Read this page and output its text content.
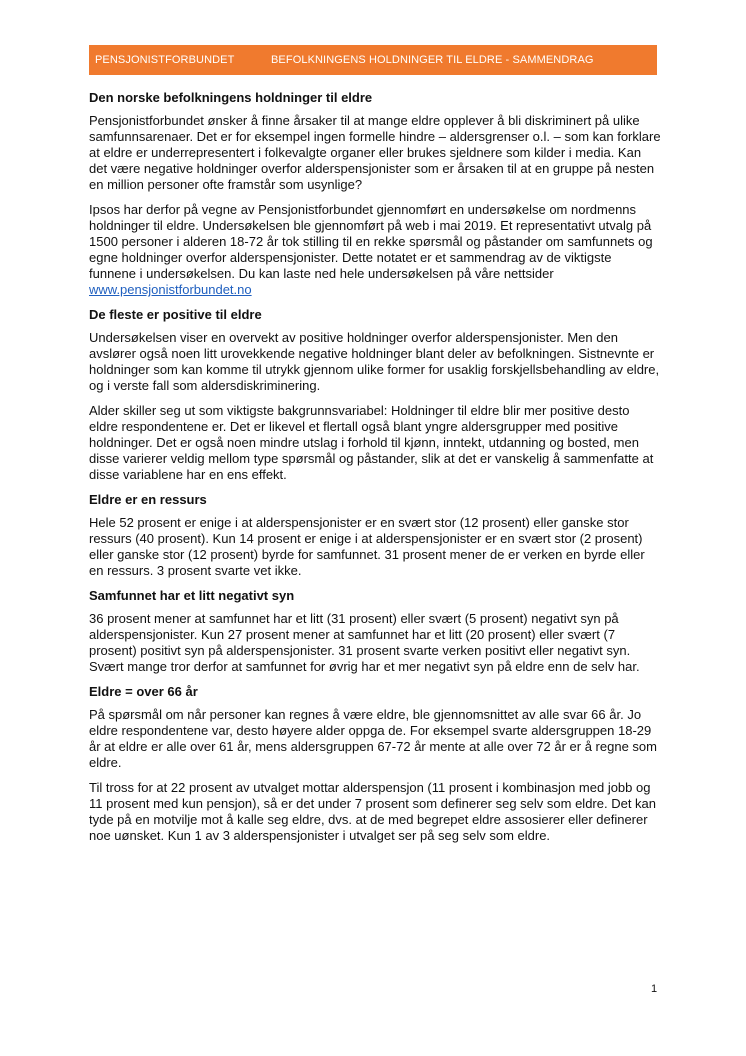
PENSJONISTFORBUNDET	BEFOLKNINGENS HOLDNINGER TIL ELDRE - SAMMENDRAG
Den norske befolkningens holdninger til eldre

Pensjonistforbundet ønsker å finne årsaker til at mange eldre opplever å bli diskriminert på ulike samfunnsarenaer. Det er for eksempel ingen formelle hindre – aldersgrenser o.l. – som kan forklare at eldre er underrepresentert i folkevalgte organer eller brukes sjeldnere som kilder i media. Kan det være negative holdninger overfor alderspensjonister som er årsaken til at en gruppe på nesten en million personer ofte framstår som usynlige?

Ipsos har derfor på vegne av Pensjonistforbundet gjennomført en undersøkelse om nordmenns holdninger til eldre. Undersøkelsen ble gjennomført på web i mai 2019. Et representativt utvalg på 1500 personer i alderen 18-72 år tok stilling til en rekke spørsmål og påstander om samfunnets og egne holdninger overfor alderspensjonister. Dette notatet er et sammendrag av de viktigste funnene i undersøkelsen. Du kan laste ned hele undersøkelsen på våre nettsider www.pensjonistforbundet.no

De fleste er positive til eldre

Undersøkelsen viser en overvekt av positive holdninger overfor alderspensjonister. Men den avslører også noen litt urovekkende negative holdninger blant deler av befolkningen. Sistnevnte er holdninger som kan komme til utrykk gjennom ulike former for usaklig forskjellsbehandling av eldre, og i verste fall som aldersdiskriminering.

Alder skiller seg ut som viktigste bakgrunnsvariabel: Holdninger til eldre blir mer positive desto eldre respondentene er. Det er likevel et flertall også blant yngre aldersgrupper med positive holdninger. Det er også noen mindre utslag i forhold til kjønn, inntekt, utdanning og bosted, men disse varierer veldig mellom type spørsmål og påstander, slik at det er vanskelig å sammenfatte at disse variablene har en ens effekt.

Eldre er en ressurs

Hele 52 prosent er enige i at alderspensjonister er en svært stor (12 prosent) eller ganske stor ressurs (40 prosent). Kun 14 prosent er enige i at alderspensjonister er en svært stor (2 prosent) eller ganske stor (12 prosent) byrde for samfunnet. 31 prosent mener de er verken en byrde eller en ressurs. 3 prosent svarte vet ikke.

Samfunnet har et litt negativt syn

36 prosent mener at samfunnet har et litt (31 prosent) eller svært (5 prosent) negativt syn på alderspensjonister. Kun 27 prosent mener at samfunnet har et litt (20 prosent) eller svært (7 prosent) positivt syn på alderspensjonister. 31 prosent svarte verken positivt eller negativt syn. Svært mange tror derfor at samfunnet for øvrig har et mer negativt syn på eldre enn de selv har.

Eldre = over 66 år

På spørsmål om når personer kan regnes å være eldre, ble gjennomsnittet av alle svar 66 år. Jo eldre respondentene var, desto høyere alder oppga de. For eksempel svarte aldersgruppen 18-29 år at eldre er alle over 61 år, mens aldersgruppen 67-72 år mente at alle over 72 år er å regne som eldre.

Til tross for at 22 prosent av utvalget mottar alderspensjon (11 prosent i kombinasjon med jobb og 11 prosent med kun pensjon), så er det under 7 prosent som definerer seg selv som eldre. Det kan tyde på en motvilje mot å kalle seg eldre, dvs. at de med begrepet eldre assosierer eller definerer noe uønsket. Kun 1 av 3 alderspensjonister i utvalget ser på seg selv som eldre.

1
